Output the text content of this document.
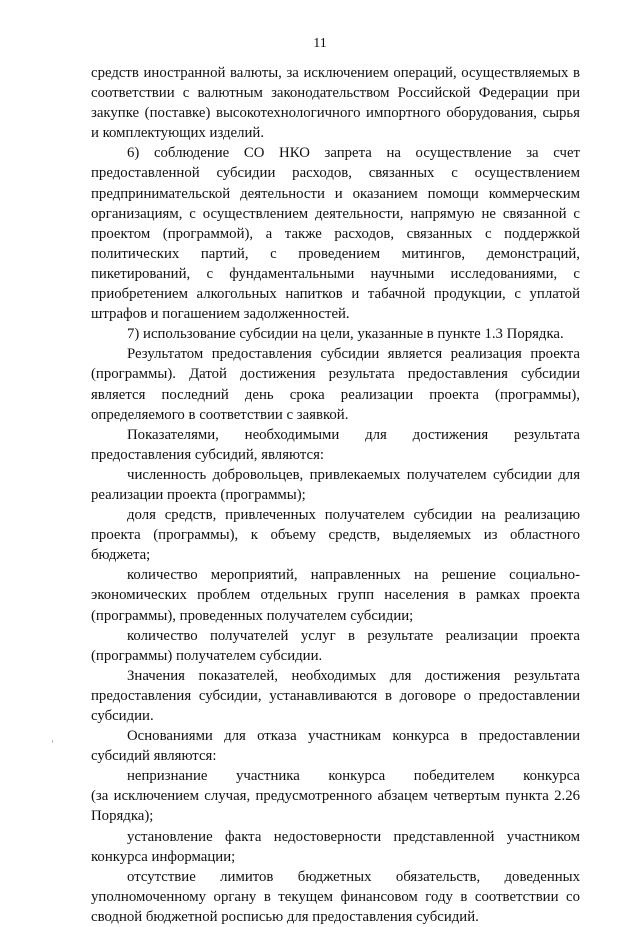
11

средств иностранной валюты, за исключением операций, осуществляемых в соответствии с валютным законодательством Российской Федерации при закупке (поставке) высокотехнологичного импортного оборудования, сырья и комплектующих изделий.

6) соблюдение СО НКО запрета на осуществление за счет предоставленной субсидии расходов, связанных с осуществлением предпринимательской деятельности и оказанием помощи коммерческим организациям, с осуществлением деятельности, напрямую не связанной с проектом (программой), а также расходов, связанных с поддержкой политических партий, с проведением митингов, демонстраций, пикетирований, с фундаментальными научными исследованиями, с приобретением алкогольных напитков и табачной продукции, с уплатой штрафов и погашением задолженностей.

7) использование субсидии на цели, указанные в пункте 1.3 Порядка.

Результатом предоставления субсидии является реализация проекта (программы). Датой достижения результата предоставления субсидии является последний день срока реализации проекта (программы), определяемого в соответствии с заявкой.

Показателями, необходимыми для достижения результата предоставления субсидий, являются:

численность добровольцев, привлекаемых получателем субсидии для реализации проекта (программы);

доля средств, привлеченных получателем субсидии на реализацию проекта (программы), к объему средств, выделяемых из областного бюджета;

количество мероприятий, направленных на решение социально-экономических проблем отдельных групп населения в рамках проекта (программы), проведенных получателем субсидии;

количество получателей услуг в результате реализации проекта (программы) получателем субсидии.

Значения показателей, необходимых для достижения результата предоставления субсидии, устанавливаются в договоре о предоставлении субсидии.

Основаниями для отказа участникам конкурса в предоставлении субсидий являются:

непризнание участника конкурса победителем конкурса

(за исключением случая, предусмотренного абзацем четвертым пункта 2.26 Порядка);

установление факта недостоверности представленной участником конкурса информации;

отсутствие лимитов бюджетных обязательств, доведенных уполномоченному органу в текущем финансовом году в соответствии со сводной бюджетной росписью для предоставления субсидий.
